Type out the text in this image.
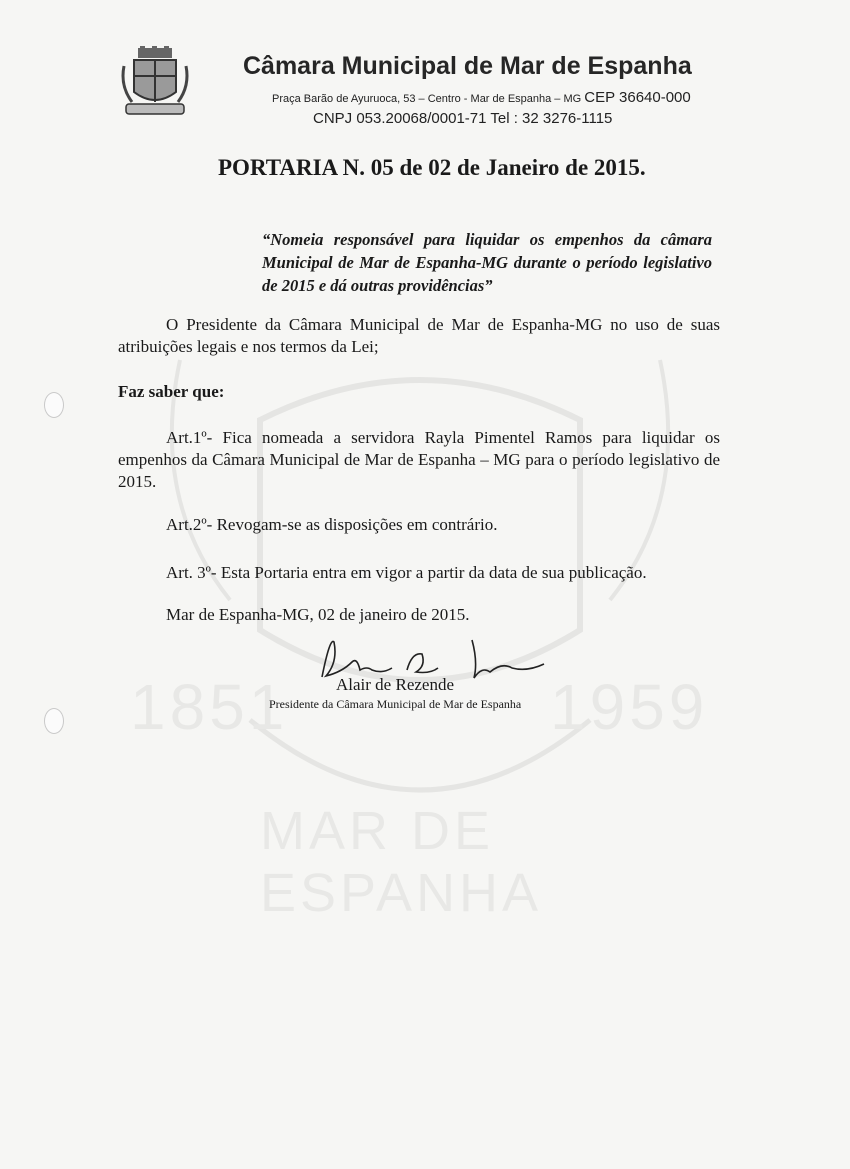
1851	1959
MAR DE ESPANHA
Câmara Municipal de Mar de Espanha
Praça Barão de Ayuruoca, 53 – Centro - Mar de Espanha – MG CEP 36640-000
CNPJ 053.20068/0001-71 Tel : 32 3276-1115
PORTARIA N. 05 de 02 de Janeiro de 2015.
“Nomeia responsável para liquidar os empenhos da câmara Municipal de Mar de Espanha-MG durante o período legislativo de 2015 e dá outras providências”
O Presidente da Câmara Municipal de Mar de Espanha-MG no uso de suas atribuições legais e nos termos da Lei;
Faz saber que:
Art.1º- Fica nomeada a servidora Rayla Pimentel Ramos para liquidar os empenhos da Câmara Municipal de Mar de Espanha – MG para o período legislativo de 2015.
Art.2º- Revogam-se as disposições em contrário.
Art. 3º- Esta Portaria entra em vigor a partir da data de sua publicação.
Mar de Espanha-MG, 02 de janeiro de 2015.
Alair de Rezende
Presidente da Câmara Municipal de Mar de Espanha
